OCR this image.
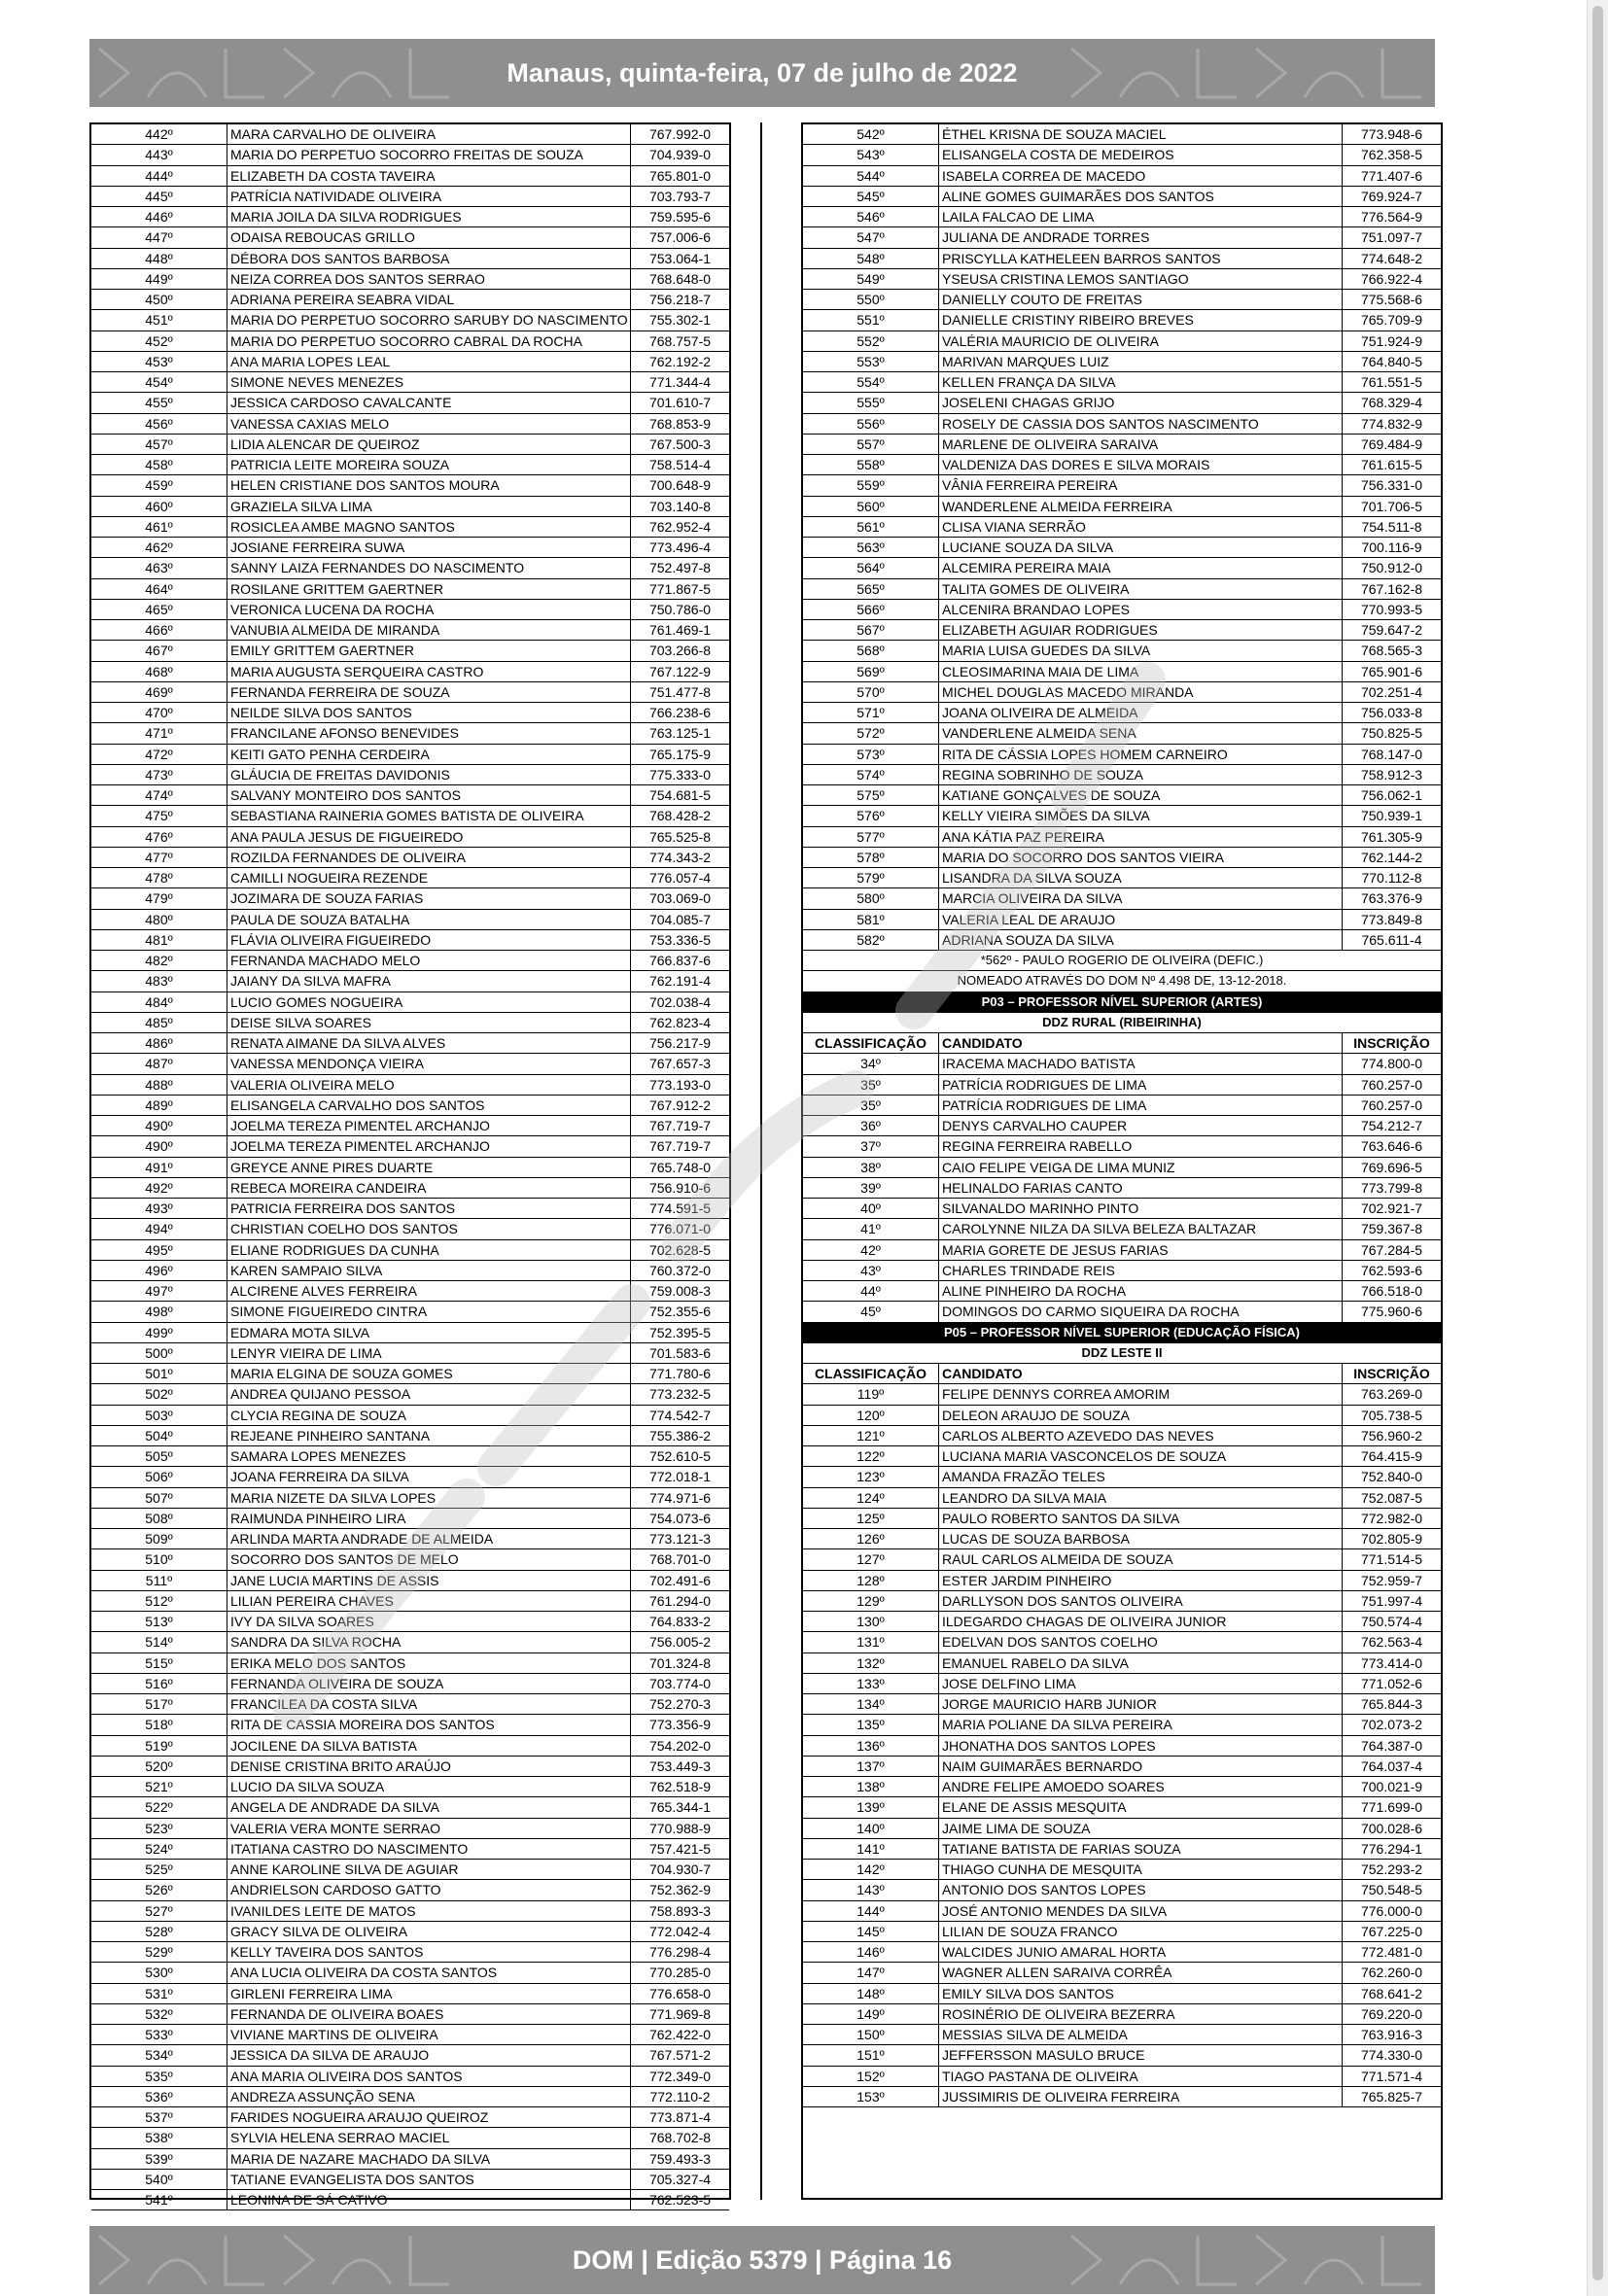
Manaus, quinta-feira, 07 de julho de 2022
442º	MARA CARVALHO DE OLIVEIRA	767.992-0
443º	MARIA DO PERPETUO SOCORRO FREITAS DE SOUZA	704.939-0
444º	ELIZABETH DA COSTA TAVEIRA	765.801-0
445º	PATRÍCIA NATIVIDADE OLIVEIRA	703.793-7
446º	MARIA JOILA DA SILVA RODRIGUES	759.595-6
447º	ODAISA REBOUCAS GRILLO	757.006-6
448º	DÉBORA DOS SANTOS BARBOSA	753.064-1
449º	NEIZA CORREA DOS SANTOS SERRAO	768.648-0
450º	ADRIANA PEREIRA SEABRA VIDAL	756.218-7
451º	MARIA DO PERPETUO SOCORRO SARUBY DO NASCIMENTO	755.302-1
452º	MARIA DO PERPETUO SOCORRO CABRAL DA ROCHA	768.757-5
453º	ANA MARIA LOPES LEAL	762.192-2
454º	SIMONE NEVES MENEZES	771.344-4
455º	JESSICA CARDOSO CAVALCANTE	701.610-7
456º	VANESSA CAXIAS MELO	768.853-9
457º	LIDIA ALENCAR DE QUEIROZ	767.500-3
458º	PATRICIA LEITE MOREIRA SOUZA	758.514-4
459º	HELEN CRISTIANE DOS SANTOS MOURA	700.648-9
460º	GRAZIELA SILVA LIMA	703.140-8
461º	ROSICLEA AMBE MAGNO SANTOS	762.952-4
462º	JOSIANE FERREIRA SUWA	773.496-4
463º	SANNY LAIZA FERNANDES DO NASCIMENTO	752.497-8
464º	ROSILANE GRITTEM GAERTNER	771.867-5
465º	VERONICA LUCENA DA ROCHA	750.786-0
466º	VANUBIA ALMEIDA DE MIRANDA	761.469-1
467º	EMILY GRITTEM GAERTNER	703.266-8
468º	MARIA AUGUSTA SERQUEIRA CASTRO	767.122-9
469º	FERNANDA FERREIRA DE SOUZA	751.477-8
470º	NEILDE SILVA DOS SANTOS	766.238-6
471º	FRANCILANE AFONSO BENEVIDES	763.125-1
472º	KEITI GATO PENHA CERDEIRA	765.175-9
473º	GLÁUCIA DE FREITAS DAVIDONIS	775.333-0
474º	SALVANY MONTEIRO DOS SANTOS	754.681-5
475º	SEBASTIANA RAINERIA GOMES BATISTA DE OLIVEIRA	768.428-2
476º	ANA PAULA JESUS DE FIGUEIREDO	765.525-8
477º	ROZILDA FERNANDES DE OLIVEIRA	774.343-2
478º	CAMILLI NOGUEIRA REZENDE	776.057-4
479º	JOZIMARA DE SOUZA FARIAS	703.069-0
480º	PAULA DE SOUZA BATALHA	704.085-7
481º	FLÁVIA OLIVEIRA FIGUEIREDO	753.336-5
482º	FERNANDA MACHADO MELO	766.837-6
483º	JAIANY DA SILVA MAFRA	762.191-4
484º	LUCIO GOMES NOGUEIRA	702.038-4
485º	DEISE SILVA SOARES	762.823-4
486º	RENATA AIMANE DA SILVA ALVES	756.217-9
487º	VANESSA MENDONÇA VIEIRA	767.657-3
488º	VALERIA OLIVEIRA MELO	773.193-0
489º	ELISANGELA CARVALHO DOS SANTOS	767.912-2
490º	JOELMA TEREZA PIMENTEL ARCHANJO	767.719-7
490º	JOELMA TEREZA PIMENTEL ARCHANJO	767.719-7
491º	GREYCE ANNE PIRES DUARTE	765.748-0
492º	REBECA MOREIRA CANDEIRA	756.910-6
493º	PATRICIA FERREIRA DOS SANTOS	774.591-5
494º	CHRISTIAN COELHO DOS SANTOS	776.071-0
495º	ELIANE RODRIGUES DA CUNHA	702.628-5
496º	KAREN SAMPAIO SILVA	760.372-0
497º	ALCIRENE ALVES FERREIRA	759.008-3
498º	SIMONE FIGUEIREDO CINTRA	752.355-6
499º	EDMARA MOTA SILVA	752.395-5
500º	LENYR VIEIRA DE LIMA	701.583-6
501º	MARIA ELGINA DE SOUZA GOMES	771.780-6
502º	ANDREA QUIJANO PESSOA	773.232-5
503º	CLYCIA REGINA DE SOUZA	774.542-7
504º	REJEANE PINHEIRO SANTANA	755.386-2
505º	SAMARA LOPES MENEZES	752.610-5
506º	JOANA FERREIRA DA SILVA	772.018-1
507º	MARIA NIZETE DA SILVA LOPES	774.971-6
508º	RAIMUNDA PINHEIRO LIRA	754.073-6
509º	ARLINDA MARTA ANDRADE DE ALMEIDA	773.121-3
510º	SOCORRO DOS SANTOS DE MELO	768.701-0
511º	JANE LUCIA MARTINS DE ASSIS	702.491-6
512º	LILIAN PEREIRA CHAVES	761.294-0
513º	IVY DA SILVA SOARES	764.833-2
514º	SANDRA DA SILVA ROCHA	756.005-2
515º	ERIKA MELO DOS SANTOS	701.324-8
516º	FERNANDA OLIVEIRA DE SOUZA	703.774-0
517º	FRANCILEA DA COSTA SILVA	752.270-3
518º	RITA DE CASSIA MOREIRA DOS SANTOS	773.356-9
519º	JOCILENE DA SILVA BATISTA	754.202-0
520º	DENISE CRISTINA BRITO ARAÚJO	753.449-3
521º	LUCIO DA SILVA SOUZA	762.518-9
522º	ANGELA DE ANDRADE DA SILVA	765.344-1
523º	VALERIA VERA MONTE SERRAO	770.988-9
524º	ITATIANA CASTRO DO NASCIMENTO	757.421-5
525º	ANNE KAROLINE SILVA DE AGUIAR	704.930-7
526º	ANDRIELSON CARDOSO GATTO	752.362-9
527º	IVANILDES LEITE DE MATOS	758.893-3
528º	GRACY SILVA DE OLIVEIRA	772.042-4
529º	KELLY TAVEIRA DOS SANTOS	776.298-4
530º	ANA LUCIA OLIVEIRA DA COSTA SANTOS	770.285-0
531º	GIRLENI FERREIRA LIMA	776.658-0
532º	FERNANDA DE OLIVEIRA BOAES	771.969-8
533º	VIVIANE MARTINS DE OLIVEIRA	762.422-0
534º	JESSICA DA SILVA DE ARAUJO	767.571-2
535º	ANA MARIA OLIVEIRA DOS SANTOS	772.349-0
536º	ANDREZA ASSUNÇÃO SENA	772.110-2
537º	FARIDES NOGUEIRA ARAUJO QUEIROZ	773.871-4
538º	SYLVIA HELENA SERRAO MACIEL	768.702-8
539º	MARIA DE NAZARE MACHADO DA SILVA	759.493-3
540º	TATIANE EVANGELISTA DOS SANTOS	705.327-4
541º	LEONINA DE SÁ CATIVO	762.523-5
542º	ÉTHEL KRISNA DE SOUZA MACIEL	773.948-6
543º	ELISANGELA COSTA DE MEDEIROS	762.358-5
544º	ISABELA CORREA DE MACEDO	771.407-6
545º	ALINE GOMES GUIMARÃES DOS SANTOS	769.924-7
546º	LAILA FALCAO DE LIMA	776.564-9
547º	JULIANA DE ANDRADE TORRES	751.097-7
548º	PRISCYLLA KATHELEEN BARROS SANTOS	774.648-2
549º	YSEUSA CRISTINA LEMOS SANTIAGO	766.922-4
550º	DANIELLY COUTO DE FREITAS	775.568-6
551º	DANIELLE CRISTINY RIBEIRO BREVES	765.709-9
552º	VALÉRIA MAURICIO DE OLIVEIRA	751.924-9
553º	MARIVAN MARQUES LUIZ	764.840-5
554º	KELLEN FRANÇA DA SILVA	761.551-5
555º	JOSELENI CHAGAS GRIJO	768.329-4
556º	ROSELY DE CASSIA DOS SANTOS NASCIMENTO	774.832-9
557º	MARLENE DE OLIVEIRA SARAIVA	769.484-9
558º	VALDENIZA DAS DORES E SILVA MORAIS	761.615-5
559º	VÂNIA FERREIRA PEREIRA	756.331-0
560º	WANDERLENE ALMEIDA FERREIRA	701.706-5
561º	CLISA VIANA SERRÃO	754.511-8
563º	LUCIANE SOUZA DA SILVA	700.116-9
564º	ALCEMIRA PEREIRA MAIA	750.912-0
565º	TALITA GOMES DE OLIVEIRA	767.162-8
566º	ALCENIRA BRANDAO LOPES	770.993-5
567º	ELIZABETH AGUIAR RODRIGUES	759.647-2
568º	MARIA LUISA GUEDES DA SILVA	768.565-3
569º	CLEOSIMARINA MAIA DE LIMA	765.901-6
570º	MICHEL DOUGLAS MACEDO MIRANDA	702.251-4
571º	JOANA OLIVEIRA DE ALMEIDA	756.033-8
572º	VANDERLENE ALMEIDA SENA	750.825-5
573º	RITA DE CÁSSIA LOPES HOMEM CARNEIRO	768.147-0
574º	REGINA SOBRINHO DE SOUZA	758.912-3
575º	KATIANE GONÇALVES DE SOUZA	756.062-1
576º	KELLY VIEIRA SIMÕES DA SILVA	750.939-1
577º	ANA KÁTIA PAZ PEREIRA	761.305-9
578º	MARIA DO SOCORRO DOS SANTOS VIEIRA	762.144-2
579º	LISANDRA DA SILVA SOUZA	770.112-8
580º	MARCIA OLIVEIRA DA SILVA	763.376-9
581º	VALERIA LEAL DE ARAUJO	773.849-8
582º	ADRIANA SOUZA DA SILVA	765.611-4
*562º - PAULO ROGERIO DE OLIVEIRA (DEFIC.)
NOMEADO ATRAVÉS DO DOM Nº 4.498 DE, 13-12-2018.
P03 – PROFESSOR NÍVEL SUPERIOR (ARTES)
DDZ RURAL (RIBEIRINHA)
CLASSIFICAÇÃO	CANDIDATO	INSCRIÇÃO
34º	IRACEMA MACHADO BATISTA	774.800-0
35º	PATRÍCIA RODRIGUES DE LIMA	760.257-0
35º	PATRÍCIA RODRIGUES DE LIMA	760.257-0
36º	DENYS CARVALHO CAUPER	754.212-7
37º	REGINA FERREIRA RABELLO	763.646-6
38º	CAIO FELIPE VEIGA DE LIMA MUNIZ	769.696-5
39º	HELINALDO FARIAS CANTO	773.799-8
40º	SILVANALDO MARINHO PINTO	702.921-7
41º	CAROLYNNE NILZA DA SILVA BELEZA BALTAZAR	759.367-8
42º	MARIA GORETE DE JESUS FARIAS	767.284-5
43º	CHARLES TRINDADE REIS	762.593-6
44º	ALINE PINHEIRO DA ROCHA	766.518-0
45º	DOMINGOS DO CARMO SIQUEIRA DA ROCHA	775.960-6
P05 – PROFESSOR NÍVEL SUPERIOR (EDUCAÇÃO FÍSICA)
DDZ LESTE II
CLASSIFICAÇÃO	CANDIDATO	INSCRIÇÃO
119º	FELIPE DENNYS CORREA AMORIM	763.269-0
120º	DELEON ARAUJO DE SOUZA	705.738-5
121º	CARLOS ALBERTO AZEVEDO DAS NEVES	756.960-2
122º	LUCIANA MARIA VASCONCELOS DE SOUZA	764.415-9
123º	AMANDA FRAZÃO TELES	752.840-0
124º	LEANDRO DA SILVA MAIA	752.087-5
125º	PAULO ROBERTO SANTOS DA SILVA	772.982-0
126º	LUCAS DE SOUZA BARBOSA	702.805-9
127º	RAUL CARLOS ALMEIDA DE SOUZA	771.514-5
128º	ESTER JARDIM PINHEIRO	752.959-7
129º	DARLLYSON DOS SANTOS OLIVEIRA	751.997-4
130º	ILDEGARDO CHAGAS DE OLIVEIRA JUNIOR	750.574-4
131º	EDELVAN DOS SANTOS COELHO	762.563-4
132º	EMANUEL RABELO DA SILVA	773.414-0
133º	JOSE DELFINO LIMA	771.052-6
134º	JORGE MAURICIO HARB JUNIOR	765.844-3
135º	MARIA POLIANE DA SILVA PEREIRA	702.073-2
136º	JHONATHA DOS SANTOS LOPES	764.387-0
137º	NAIM GUIMARÃES BERNARDO	764.037-4
138º	ANDRE FELIPE AMOEDO SOARES	700.021-9
139º	ELANE DE ASSIS MESQUITA	771.699-0
140º	JAIME LIMA DE SOUZA	700.028-6
141º	TATIANE BATISTA DE FARIAS SOUZA	776.294-1
142º	THIAGO CUNHA DE MESQUITA	752.293-2
143º	ANTONIO DOS SANTOS LOPES	750.548-5
144º	JOSÉ ANTONIO MENDES DA SILVA	776.000-0
145º	LILIAN DE SOUZA FRANCO	767.225-0
146º	WALCIDES JUNIO AMARAL HORTA	772.481-0
147º	WAGNER ALLEN SARAIVA CORRÊA	762.260-0
148º	EMILY SILVA DOS SANTOS	768.641-2
149º	ROSINÉRIO DE OLIVEIRA BEZERRA	769.220-0
150º	MESSIAS SILVA DE ALMEIDA	763.916-3
151º	JEFFERSSON MASULO BRUCE	774.330-0
152º	TIAGO PASTANA DE OLIVEIRA	771.571-4
153º	JUSSIMIRIS DE OLIVEIRA FERREIRA	765.825-7
DOM | Edição 5379 | Página 16
